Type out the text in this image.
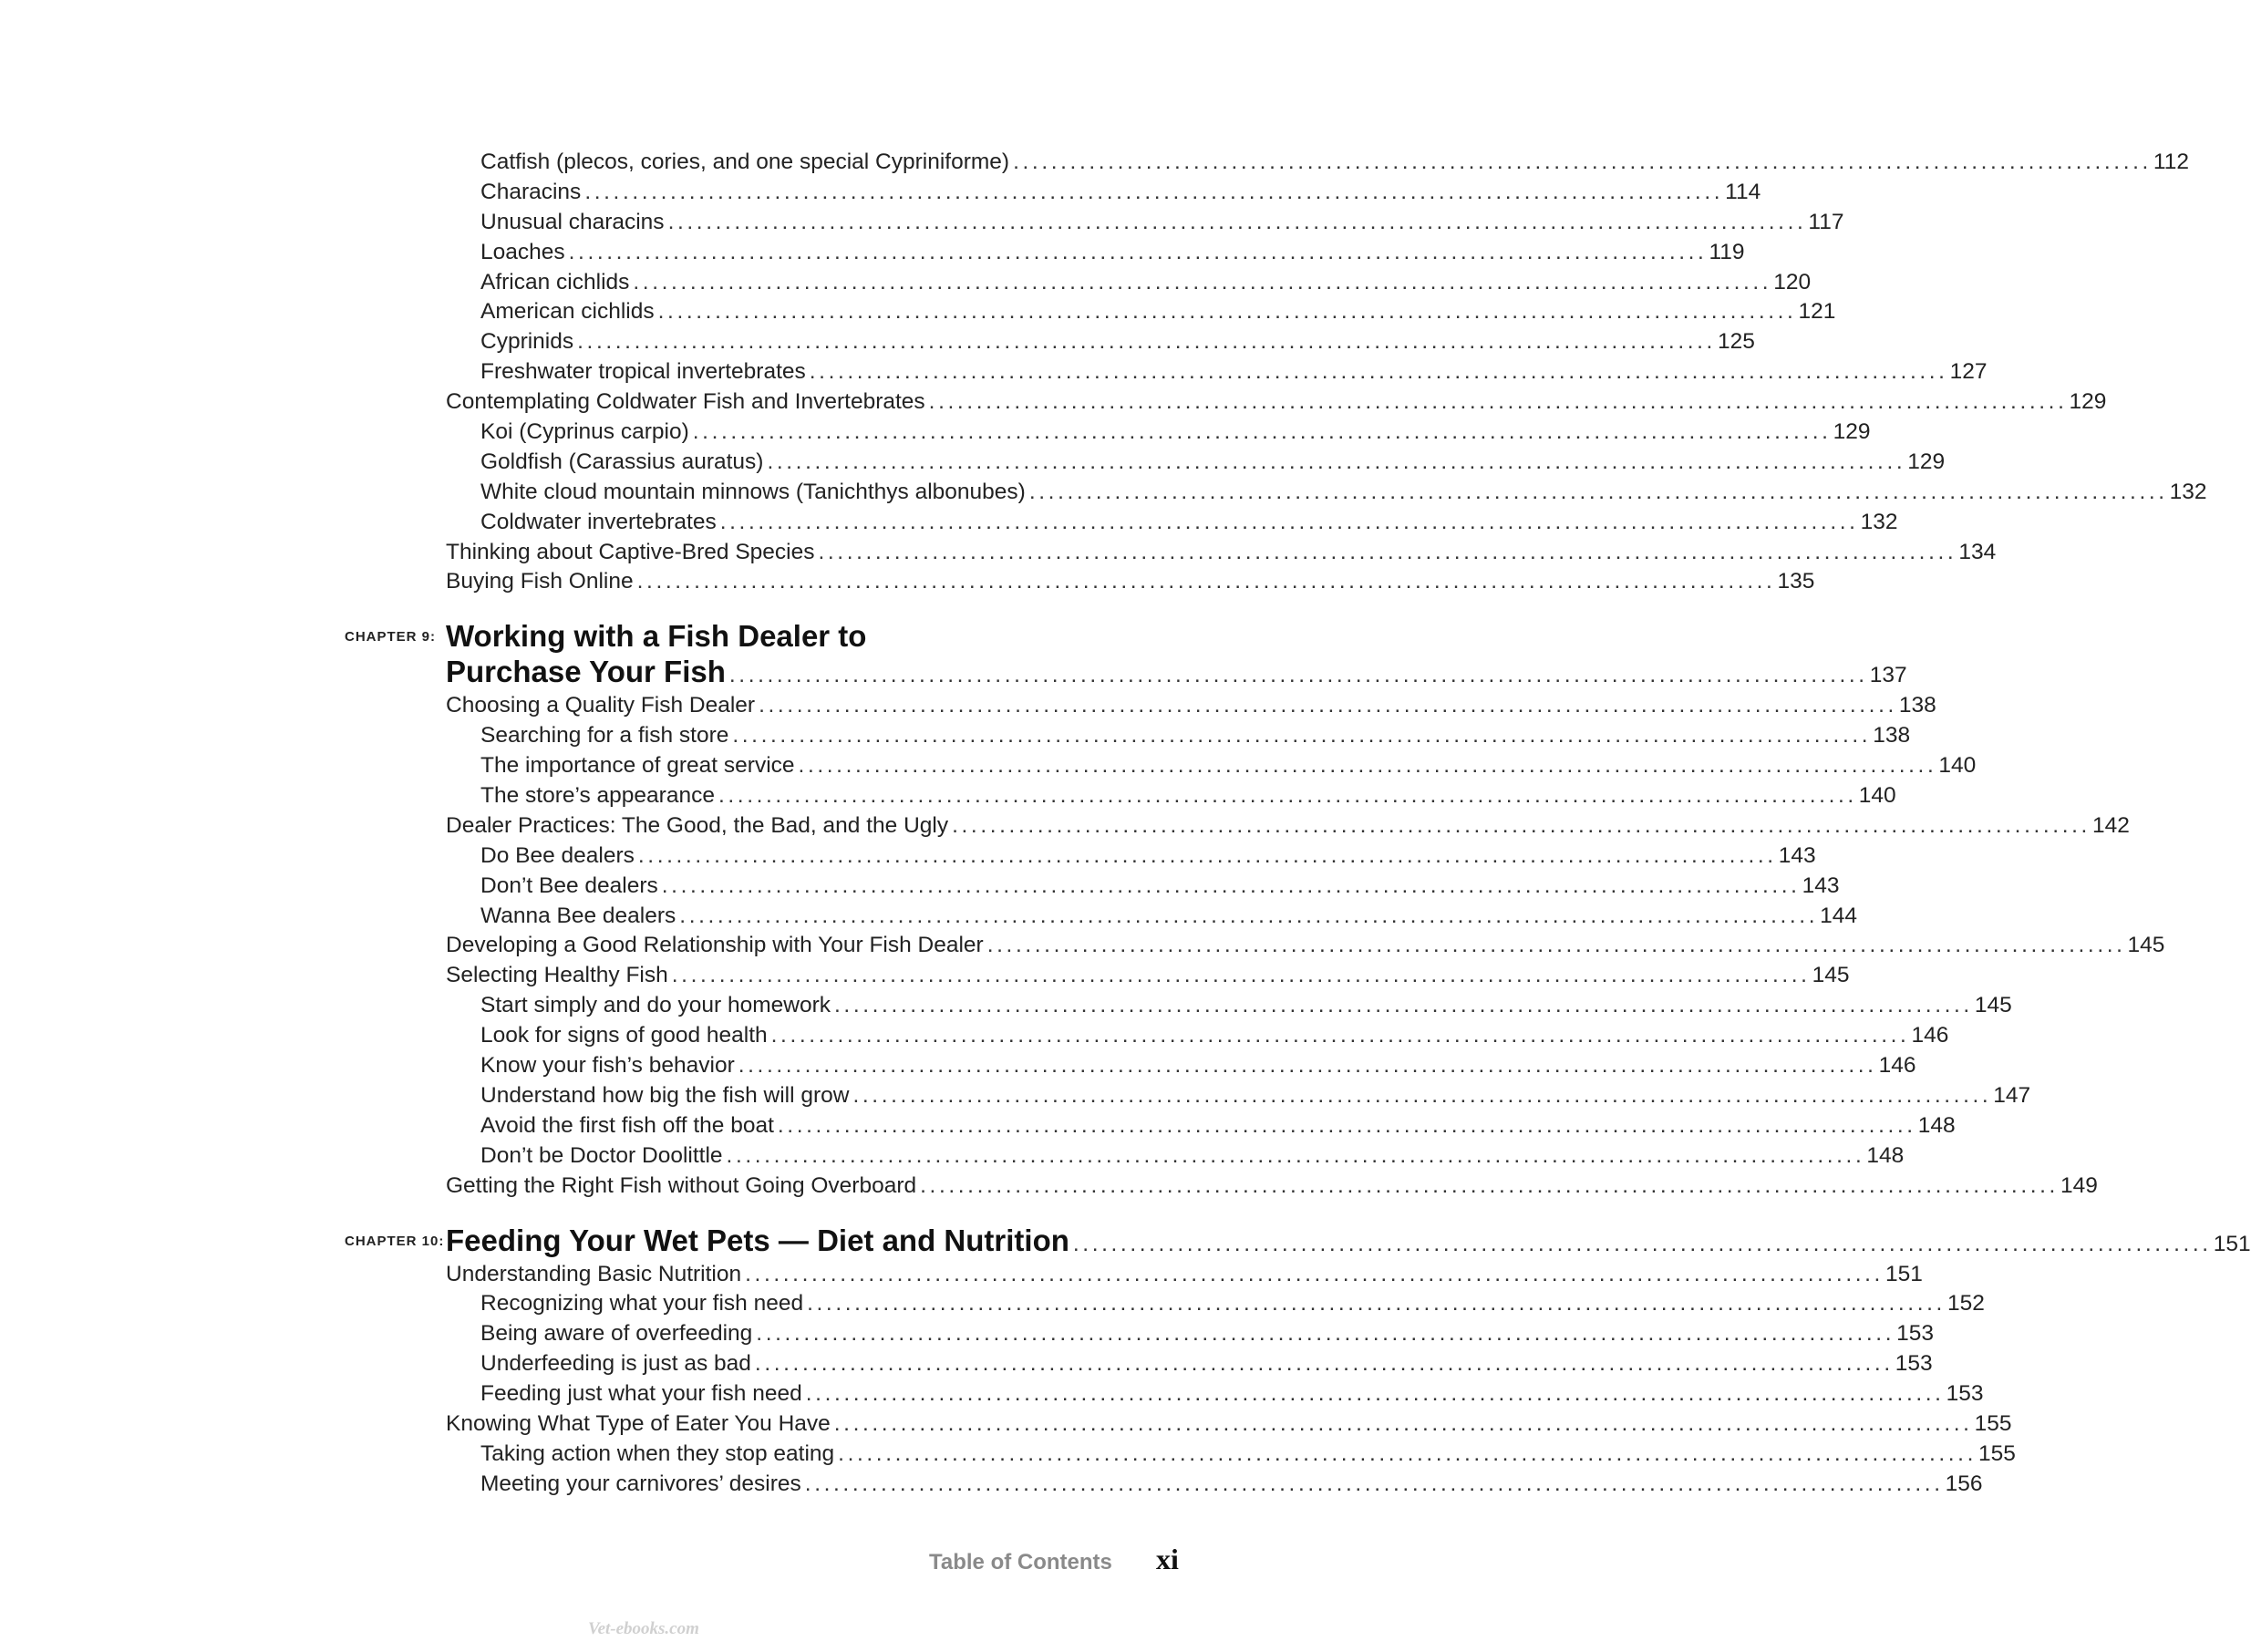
Catfish (plecos, cories, and one special Cypriniforme) ........................................................................................................................ 112
Characins ........................................................................................................................ 114
Unusual characins ........................................................................................................................ 117
Loaches ........................................................................................................................ 119
African cichlids ........................................................................................................................ 120
American cichlids ........................................................................................................................ 121
Cyprinids ........................................................................................................................ 125
Freshwater tropical invertebrates ........................................................................................................................ 127
Contemplating Coldwater Fish and Invertebrates ........................................................................................................................ 129
Koi (Cyprinus carpio) ........................................................................................................................ 129
Goldfish (Carassius auratus) ........................................................................................................................ 129
White cloud mountain minnows (Tanichthys albonubes) ........................................................................................................................ 132
Coldwater invertebrates ........................................................................................................................ 132
Thinking about Captive-Bred Species ........................................................................................................................ 134
Buying Fish Online ........................................................................................................................ 135
CHAPTER 9: Working with a Fish Dealer to
Purchase Your Fish ........................................................................................................................ 137
Choosing a Quality Fish Dealer ........................................................................................................................ 138
Searching for a fish store ........................................................................................................................ 138
The importance of great service ........................................................................................................................ 140
The store’s appearance ........................................................................................................................ 140
Dealer Practices: The Good, the Bad, and the Ugly ........................................................................................................................ 142
Do Bee dealers ........................................................................................................................ 143
Don’t Bee dealers ........................................................................................................................ 143
Wanna Bee dealers ........................................................................................................................ 144
Developing a Good Relationship with Your Fish Dealer ........................................................................................................................ 145
Selecting Healthy Fish ........................................................................................................................ 145
Start simply and do your homework ........................................................................................................................ 145
Look for signs of good health ........................................................................................................................ 146
Know your fish’s behavior ........................................................................................................................ 146
Understand how big the fish will grow ........................................................................................................................ 147
Avoid the first fish off the boat ........................................................................................................................ 148
Don’t be Doctor Doolittle ........................................................................................................................ 148
Getting the Right Fish without Going Overboard ........................................................................................................................ 149
CHAPTER 10: Feeding Your Wet Pets — Diet and Nutrition ........................................................................................................................ 151
Understanding Basic Nutrition ........................................................................................................................ 151
Recognizing what your fish need ........................................................................................................................ 152
Being aware of overfeeding ........................................................................................................................ 153
Underfeeding is just as bad ........................................................................................................................ 153
Feeding just what your fish need ........................................................................................................................ 153
Knowing What Type of Eater You Have ........................................................................................................................ 155
Taking action when they stop eating ........................................................................................................................ 155
Meeting your carnivores’ desires ........................................................................................................................ 156
Table of Contents xi
Vet-ebooks.com
